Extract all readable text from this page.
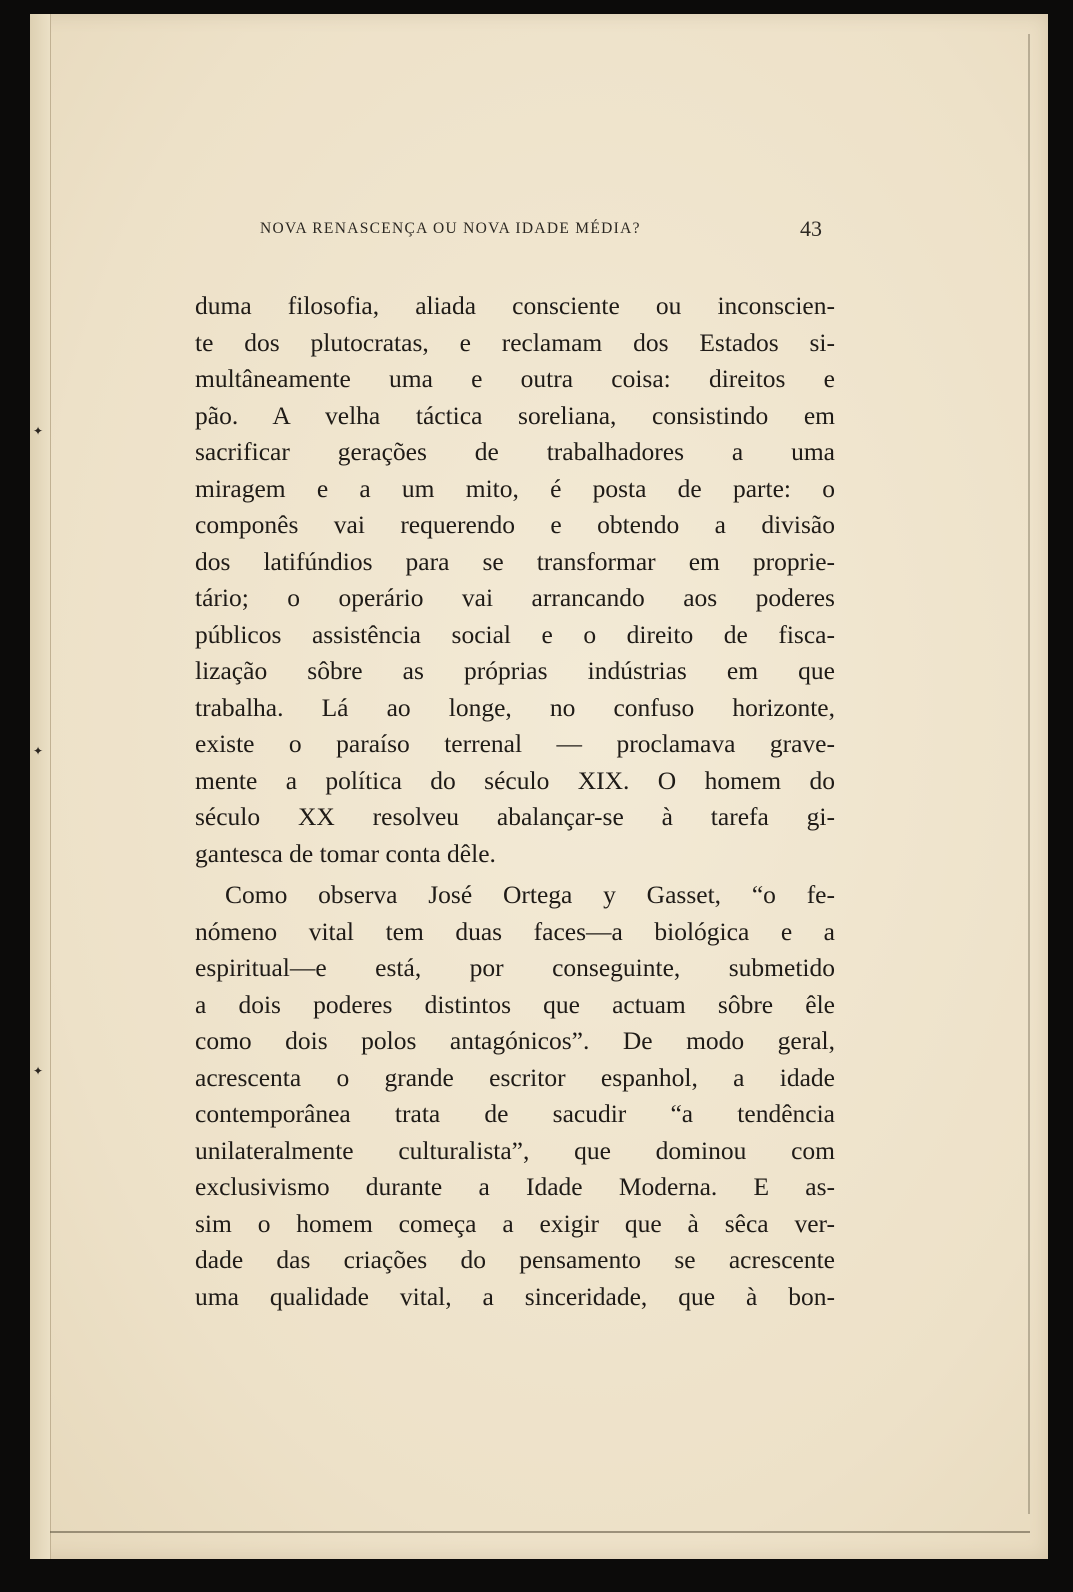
✦
✦
✦
NOVA RENASCENÇA OU NOVA IDADE MÉDIA?	43
duma filosofia, aliada consciente ou inconscien-
te dos plutocratas, e reclamam dos Estados si-
multâneamente uma e outra coisa: direitos e
pão. A velha táctica soreliana, consistindo em
sacrificar gerações de trabalhadores a uma
miragem e a um mito, é posta de parte: o
componês vai requerendo e obtendo a divisão
dos latifúndios para se transformar em proprie-
tário; o operário vai arrancando aos poderes
públicos assistência social e o direito de fisca-
lização sôbre as próprias indústrias em que
trabalha. Lá ao longe, no confuso horizonte,
existe o paraíso terrenal — proclamava grave-
mente a política do século XIX. O homem do
século XX resolveu abalançar-se à tarefa gi-
gantesca de tomar conta dêle.
Como observa José Ortega y Gasset, “o fe-
nómeno vital tem duas faces—a biológica e a
espiritual—e está, por conseguinte, submetido
a dois poderes distintos que actuam sôbre êle
como dois polos antagónicos”. De modo geral,
acrescenta o grande escritor espanhol, a idade
contemporânea trata de sacudir “a tendência
unilateralmente culturalista”, que dominou com
exclusivismo durante a Idade Moderna. E as-
sim o homem começa a exigir que à sêca ver-
dade das criações do pensamento se acrescente
uma qualidade vital, a sinceridade, que à bon-
